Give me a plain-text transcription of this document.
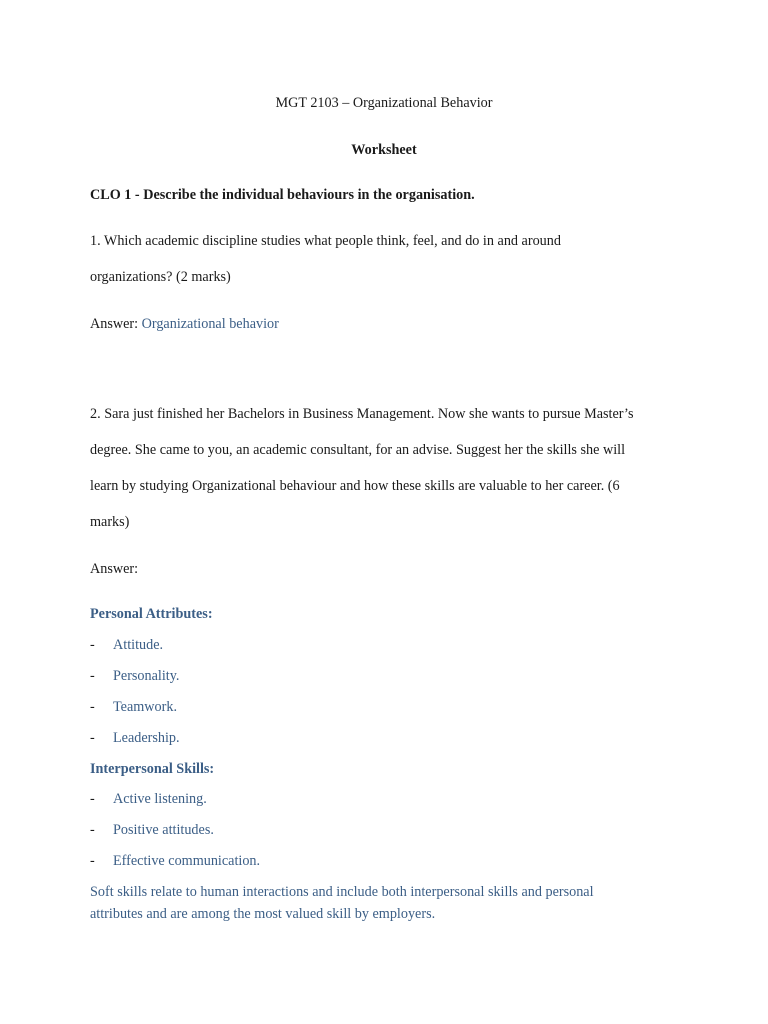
MGT 2103 – Organizational Behavior
Worksheet
CLO 1 - Describe the individual behaviours in the organisation.
1. Which academic discipline studies what people think, feel, and do in and around
organizations? (2 marks)
Answer: Organizational behavior
2. Sara just finished her Bachelors in Business Management. Now she wants to pursue Master’s
degree. She came to you, an academic consultant, for an advise. Suggest her the skills she will
learn by studying Organizational behaviour and how these skills are valuable to her career. (6
marks)
Answer:
Personal Attributes:
- Attitude.
- Personality.
- Teamwork.
- Leadership.
Interpersonal Skills:
- Active listening.
- Positive attitudes.
- Effective communication.
Soft skills relate to human interactions and include both interpersonal skills and personal
attributes and are among the most valued skill by employers.
